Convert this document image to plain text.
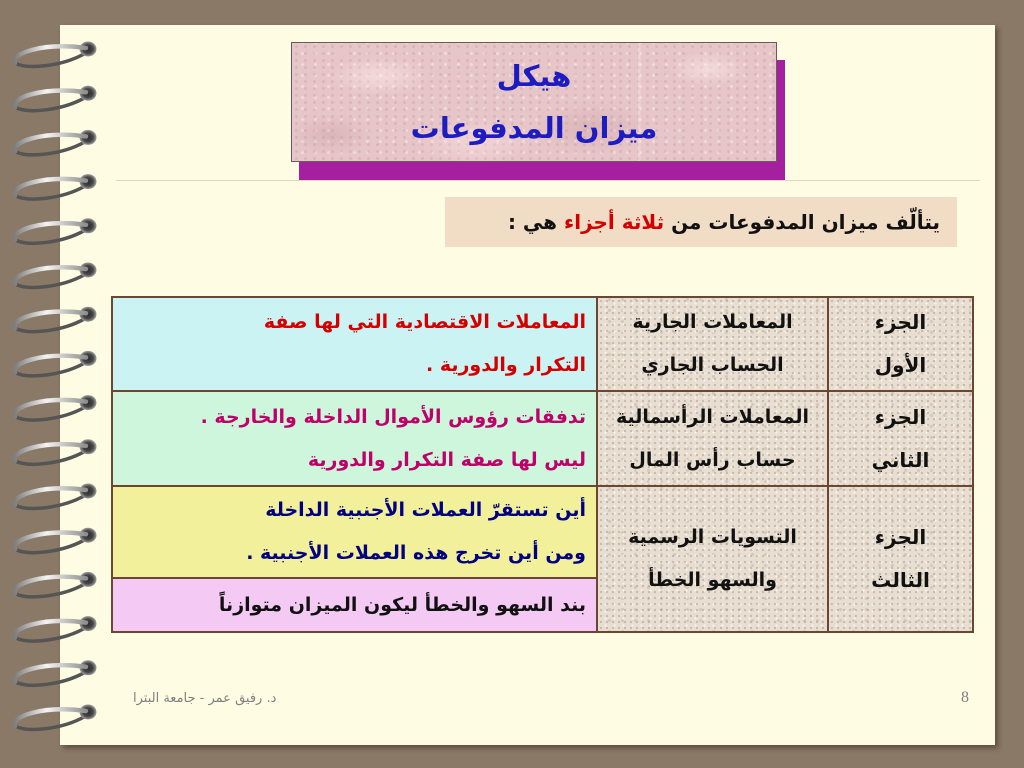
هيكل
ميزان المدفوعات
يتألّف ميزان المدفوعات من ثلاثة أجزاء هي :
الجزء
الأول
المعاملات الجارية
الحساب الجاري
المعاملات الاقتصادية التي لها صفة
التكرار والدورية .
الجزء
الثاني
المعاملات الرأسمالية
حساب رأس المال
تدفقات رؤوس الأموال الداخلة والخارجة .
ليس لها صفة التكرار والدورية
الجزء
الثالث
التسويات الرسمية
والسهو الخطأ
أين تستقرّ العملات الأجنبية الداخلة
ومن أين تخرج هذه العملات الأجنبية .
بند السهو والخطأ ليكون الميزان متوازناً
د. رفيق عمر - جامعة البترا	8
